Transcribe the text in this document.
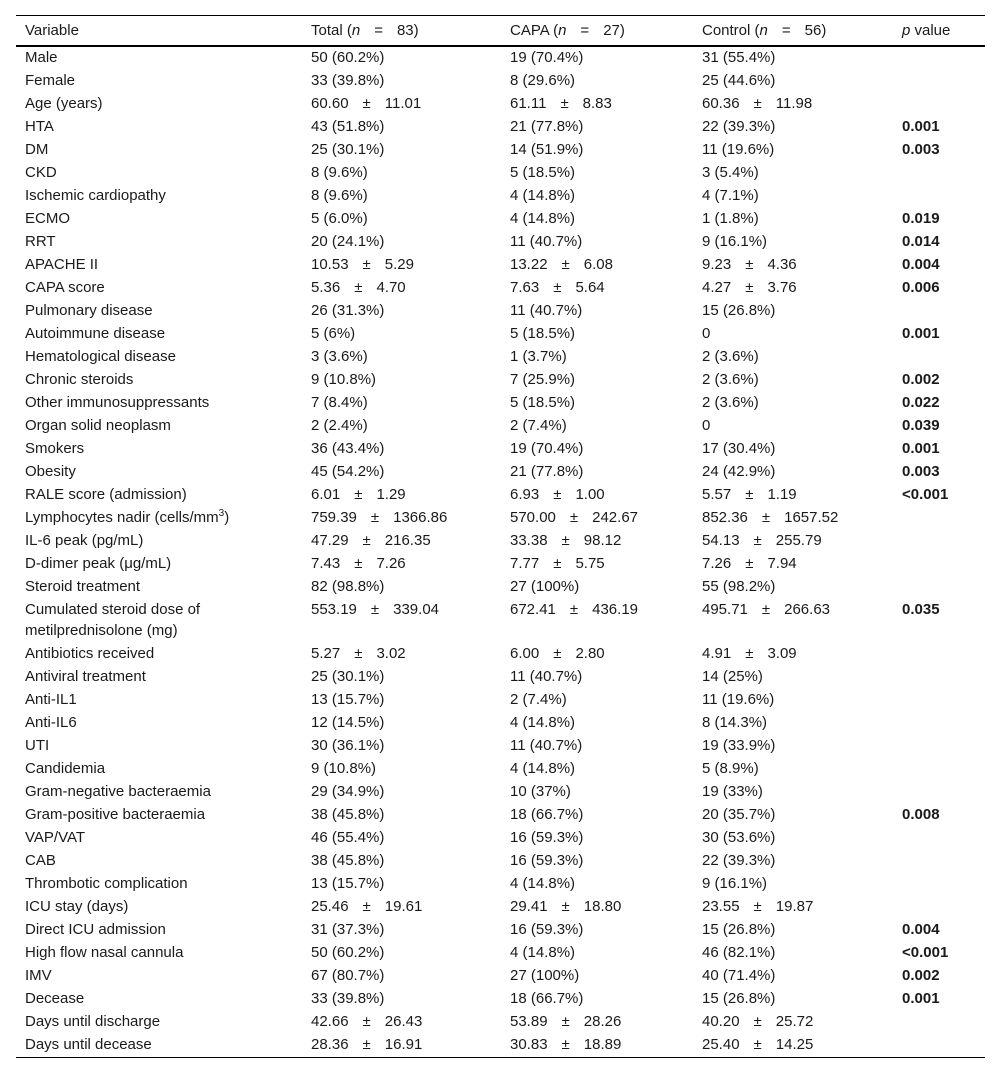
Variable	Total (n = 83)	CAPA (n = 27)	Control (n = 56)	p value
Male	50 (60.2%)	19 (70.4%)	31 (55.4%)	
Female	33 (39.8%)	8 (29.6%)	25 (44.6%)	
Age (years)	60.60 ± 11.01	61.11 ± 8.83	60.36 ± 11.98	
HTA	43 (51.8%)	21 (77.8%)	22 (39.3%)	0.001
DM	25 (30.1%)	14 (51.9%)	11 (19.6%)	0.003
CKD	8 (9.6%)	5 (18.5%)	3 (5.4%)	
Ischemic cardiopathy	8 (9.6%)	4 (14.8%)	4 (7.1%)	
ECMO	5 (6.0%)	4 (14.8%)	1 (1.8%)	0.019
RRT	20 (24.1%)	11 (40.7%)	9 (16.1%)	0.014
APACHE II	10.53 ± 5.29	13.22 ± 6.08	9.23 ± 4.36	0.004
CAPA score	5.36 ± 4.70	7.63 ± 5.64	4.27 ± 3.76	0.006
Pulmonary disease	26 (31.3%)	11 (40.7%)	15 (26.8%)	
Autoimmune disease	5 (6%)	5 (18.5%)	0	0.001
Hematological disease	3 (3.6%)	1 (3.7%)	2 (3.6%)	
Chronic steroids	9 (10.8%)	7 (25.9%)	2 (3.6%)	0.002
Other immunosuppressants	7 (8.4%)	5 (18.5%)	2 (3.6%)	0.022
Organ solid neoplasm	2 (2.4%)	2 (7.4%)	0	0.039
Smokers	36 (43.4%)	19 (70.4%)	17 (30.4%)	0.001
Obesity	45 (54.2%)	21 (77.8%)	24 (42.9%)	0.003
RALE score (admission)	6.01 ± 1.29	6.93 ± 1.00	5.57 ± 1.19	<0.001
Lymphocytes nadir $(cells/mm^3)$	759.39 ± 1366.86	570.00 ± 242.67	852.36 ± 1657.52	
IL-6 peak (pg/mL)	47.29 ± 216.35	33.38 ± 98.12	54.13 ± 255.79	
D-dimer peak (μg/mL)	7.43 ± 7.26	7.77 ± 5.75	7.26 ± 7.94	
Steroid treatment	82 (98.8%)	27 (100%)	55 (98.2%)	
Cumulated steroid dose of metilprednisolone (mg)	553.19 ± 339.04	672.41 ± 436.19	495.71 ± 266.63	0.035
Antibiotics received	5.27 ± 3.02	6.00 ± 2.80	4.91 ± 3.09	
Antiviral treatment	25 (30.1%)	11 (40.7%)	14 (25%)	
Anti-IL1	13 (15.7%)	2 (7.4%)	11 (19.6%)	
Anti-IL6	12 (14.5%)	4 (14.8%)	8 (14.3%)	
UTI	30 (36.1%)	11 (40.7%)	19 (33.9%)	
Candidemia	9 (10.8%)	4 (14.8%)	5 (8.9%)	
Gram-negative bacteraemia	29 (34.9%)	10 (37%)	19 (33%)	
Gram-positive bacteraemia	38 (45.8%)	18 (66.7%)	20 (35.7%)	0.008
VAP/VAT	46 (55.4%)	16 (59.3%)	30 (53.6%)	
CAB	38 (45.8%)	16 (59.3%)	22 (39.3%)	
Thrombotic complication	13 (15.7%)	4 (14.8%)	9 (16.1%)	
ICU stay (days)	25.46 ± 19.61	29.41 ± 18.80	23.55 ± 19.87	
Direct ICU admission	31 (37.3%)	16 (59.3%)	15 (26.8%)	0.004
High flow nasal cannula	50 (60.2%)	4 (14.8%)	46 (82.1%)	<0.001
IMV	67 (80.7%)	27 (100%)	40 (71.4%)	0.002
Decease	33 (39.8%)	18 (66.7%)	15 (26.8%)	0.001
Days until discharge	42.66 ± 26.43	53.89 ± 28.26	40.20 ± 25.72	
Days until decease	28.36 ± 16.91	30.83 ± 18.89	25.40 ± 14.25	
